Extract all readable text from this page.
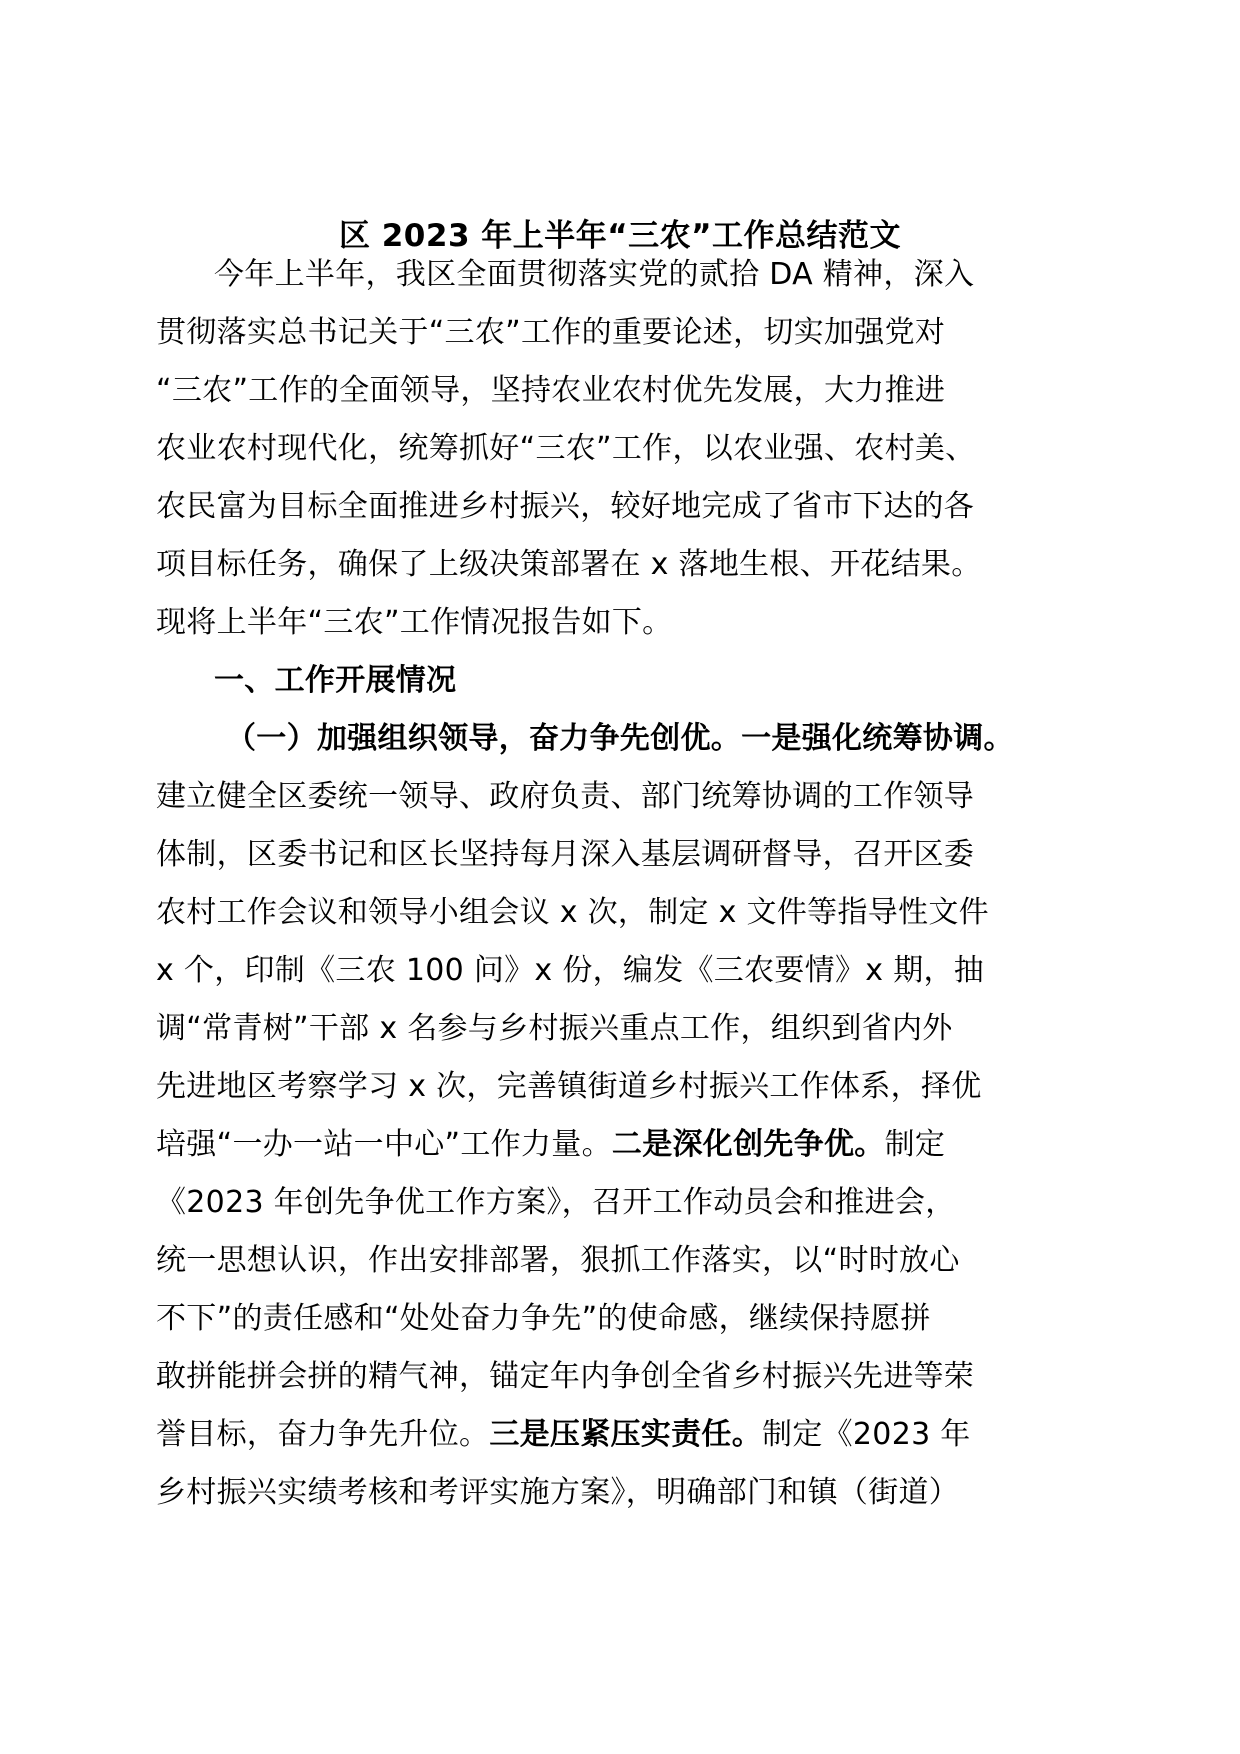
区 2023 年上半年“三农”工作总结范文
今年上半年，我区全面贯彻落实党的贰拾 DA 精神，深入
贯彻落实总书记关于“三农”工作的重要论述，切实加强党对
“三农”工作的全面领导，坚持农业农村优先发展，大力推进
农业农村现代化，统筹抓好“三农”工作，以农业强、农村美、
农民富为目标全面推进乡村振兴，较好地完成了省市下达的各
项目标任务，确保了上级决策部署在 x 落地生根、开花结果。
现将上半年“三农”工作情况报告如下。
一、工作开展情况
（一）加强组织领导，奋力争先创优。一是强化统筹协调。
建立健全区委统一领导、政府负责、部门统筹协调的工作领导
体制，区委书记和区长坚持每月深入基层调研督导，召开区委
农村工作会议和领导小组会议 x 次，制定 x 文件等指导性文件
x 个，印制《三农 100 问》x 份，编发《三农要情》x 期，抽
调“常青树”干部 x 名参与乡村振兴重点工作，组织到省内外
先进地区考察学习 x 次，完善镇街道乡村振兴工作体系，择优
培强“一办一站一中心”工作力量。二是深化创先争优。制定
《2023 年创先争优工作方案》，召开工作动员会和推进会，
统一思想认识，作出安排部署，狠抓工作落实，以“时时放心
不下”的责任感和“处处奋力争先”的使命感，继续保持愿拼
敢拼能拼会拼的精气神，锚定年内争创全省乡村振兴先进等荣
誉目标，奋力争先升位。三是压紧压实责任。制定《2023 年
乡村振兴实绩考核和考评实施方案》，明确部门和镇（街道）
